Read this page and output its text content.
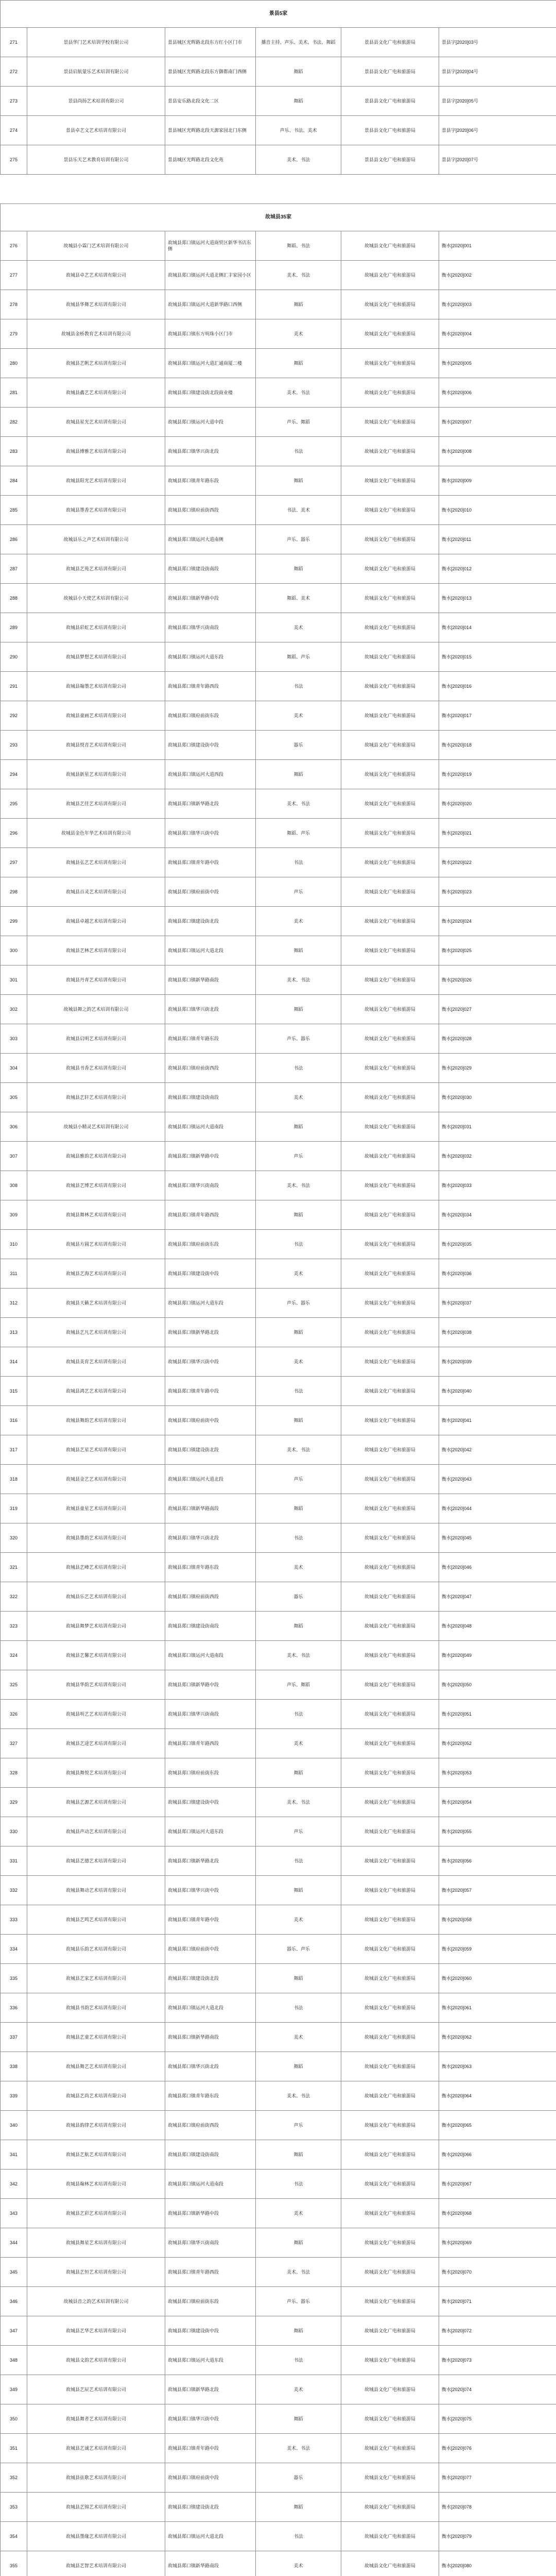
景县5家					
271	景县华门艺术培训学校有限公司	景县城区光辉路北段东方红小区门市	播音主持、声乐、美术、书法、舞蹈	景县县文化广电和旅游局	景县字[2020]03号
272	景县启航蒙乐艺术培训有限公司	景县城区光辉路北段东方御都南门西侧	舞蹈	景县县文化广电和旅游局	景县字[2020]04号
273	景县尚扬艺术培训有限公司	景县安乐路北段文化二区	舞蹈	景县县文化广电和旅游局	景县字[2020]05号
274	景县卓艺文艺术培训有限公司	景县城区光辉路北段天源家园北门东侧	声乐、书法、美术	景县县文化广电和旅游局	景县字[2020]06号
275	景县乐天艺术教育培训有限公司	景县城区光辉路北段文化苑	美术、书法	景县县文化广电和旅游局	景县字[2020]07号

故城县35家					
276	故城县小霖门艺术培训有限公司	故城县郑口镇运河大道商贸区新华书店东侧	舞蹈、书法	故城县文化广电和旅游局	衡水[2020]001
277	故城县卓艺艺术培训有限公司	故城县郑口镇运河大道北侧汇丰家园小区	美术、书法	故城县文化广电和旅游局	衡水[2020]002
278	故城县华舞艺术培训有限公司	故城县郑口镇运河大道新华路口西侧	舞蹈	故城县文化广电和旅游局	衡水[2020]003
279	故城县金桥教育艺术培训有限公司	故城县郑口镇东方明珠小区门市	美术	故城县文化广电和旅游局	衡水[2020]004
280	故城县艺帆艺术培训有限公司	故城县郑口镇运河大道汇通商厦二楼	舞蹈	故城县文化广电和旅游局	衡水[2020]005
281	故城县鑫艺艺术培训有限公司	故城县郑口镇建设街北段商业楼	美术、书法	故城县文化广电和旅游局	衡水[2020]006
282	故城县星光艺术培训有限公司	故城县郑口镇运河大道中段	声乐、舞蹈	故城县文化广电和旅游局	衡水[2020]007
283	故城县博雅艺术培训有限公司	故城县郑口镇华兴街北段	书法	故城县文化广电和旅游局	衡水[2020]008
284	故城县阳光艺术培训有限公司	故城县郑口镇青年路东段	舞蹈	故城县文化广电和旅游局	衡水[2020]009
285	故城县墨香艺术培训有限公司	故城县郑口镇府前街西段	书法、美术	故城县文化广电和旅游局	衡水[2020]010
286	故城县乐之声艺术培训有限公司	故城县郑口镇运河大道南侧	声乐、器乐	故城县文化广电和旅游局	衡水[2020]011
287	故城县艺苑艺术培训有限公司	故城县郑口镇建设街南段	舞蹈	故城县文化广电和旅游局	衡水[2020]012
288	故城县小天使艺术培训有限公司	故城县郑口镇新华路中段	舞蹈、美术	故城县文化广电和旅游局	衡水[2020]013
289	故城县彩虹艺术培训有限公司	故城县郑口镇华兴街南段	美术	故城县文化广电和旅游局	衡水[2020]014
290	故城县梦想艺术培训有限公司	故城县郑口镇运河大道东段	舞蹈、声乐	故城县文化广电和旅游局	衡水[2020]015
291	故城县翰墨艺术培训有限公司	故城县郑口镇青年路西段	书法	故城县文化广电和旅游局	衡水[2020]016
292	故城县童画艺术培训有限公司	故城县郑口镇府前街东段	美术	故城县文化广电和旅游局	衡水[2020]017
293	故城县悦音艺术培训有限公司	故城县郑口镇建设街中段	器乐	故城县文化广电和旅游局	衡水[2020]018
294	故城县新星艺术培训有限公司	故城县郑口镇运河大道西段	舞蹈	故城县文化广电和旅游局	衡水[2020]019
295	故城县艺佳艺术培训有限公司	故城县郑口镇新华路北段	美术、书法	故城县文化广电和旅游局	衡水[2020]020
296	故城县金色年华艺术培训有限公司	故城县郑口镇华兴街中段	舞蹈、声乐	故城县文化广电和旅游局	衡水[2020]021
297	故城县弘艺艺术培训有限公司	故城县郑口镇青年路中段	书法	故城县文化广电和旅游局	衡水[2020]022
298	故城县百灵艺术培训有限公司	故城县郑口镇府前街中段	声乐	故城县文化广电和旅游局	衡水[2020]023
299	故城县卓越艺术培训有限公司	故城县郑口镇建设街北段	美术	故城县文化广电和旅游局	衡水[2020]024
300	故城县艺林艺术培训有限公司	故城县郑口镇运河大道北段	舞蹈	故城县文化广电和旅游局	衡水[2020]025
301	故城县丹青艺术培训有限公司	故城县郑口镇新华路南段	美术、书法	故城县文化广电和旅游局	衡水[2020]026
302	故城县舞之韵艺术培训有限公司	故城县郑口镇华兴街北段	舞蹈	故城县文化广电和旅游局	衡水[2020]027
303	故城县启明艺术培训有限公司	故城县郑口镇青年路东段	声乐、器乐	故城县文化广电和旅游局	衡水[2020]028
304	故城县书香艺术培训有限公司	故城县郑口镇府前街西段	书法	故城县文化广电和旅游局	衡水[2020]029
305	故城县艺轩艺术培训有限公司	故城县郑口镇建设街南段	美术	故城县文化广电和旅游局	衡水[2020]030
306	故城县小精灵艺术培训有限公司	故城县郑口镇运河大道南段	舞蹈	故城县文化广电和旅游局	衡水[2020]031
307	故城县雅韵艺术培训有限公司	故城县郑口镇新华路中段	声乐	故城县文化广电和旅游局	衡水[2020]032
308	故城县艺博艺术培训有限公司	故城县郑口镇华兴街南段	美术、书法	故城县文化广电和旅游局	衡水[2020]033
309	故城县舞林艺术培训有限公司	故城县郑口镇青年路西段	舞蹈	故城县文化广电和旅游局	衡水[2020]034
310	故城县方圆艺术培训有限公司	故城县郑口镇府前街东段	书法	故城县文化广电和旅游局	衡水[2020]035
311	故城县艺海艺术培训有限公司	故城县郑口镇建设街中段	美术	故城县文化广电和旅游局	衡水[2020]036
312	故城县天籁艺术培训有限公司	故城县郑口镇运河大道东段	声乐、器乐	故城县文化广电和旅游局	衡水[2020]037
313	故城县艺凡艺术培训有限公司	故城县郑口镇新华路北段	舞蹈	故城县文化广电和旅游局	衡水[2020]038
314	故城县美育艺术培训有限公司	故城县郑口镇华兴街中段	美术	故城县文化广电和旅游局	衡水[2020]039
315	故城县鸿艺艺术培训有限公司	故城县郑口镇青年路中段	书法	故城县文化广电和旅游局	衡水[2020]040
316	故城县舞韵艺术培训有限公司	故城县郑口镇府前街中段	舞蹈	故城县文化广电和旅游局	衡水[2020]041
317	故城县艺星艺术培训有限公司	故城县郑口镇建设街北段	美术、书法	故城县文化广电和旅游局	衡水[2020]042
318	故城县金艺艺术培训有限公司	故城县郑口镇运河大道北段	声乐	故城县文化广电和旅游局	衡水[2020]043
319	故城县童星艺术培训有限公司	故城县郑口镇新华路南段	舞蹈	故城县文化广电和旅游局	衡水[2020]044
320	故城县墨韵艺术培训有限公司	故城县郑口镇华兴街北段	书法	故城县文化广电和旅游局	衡水[2020]045
321	故城县艺峰艺术培训有限公司	故城县郑口镇青年路东段	美术	故城县文化广电和旅游局	衡水[2020]046
322	故城县乐艺艺术培训有限公司	故城县郑口镇府前街西段	器乐	故城县文化广电和旅游局	衡水[2020]047
323	故城县舞梦艺术培训有限公司	故城县郑口镇建设街南段	舞蹈	故城县文化广电和旅游局	衡水[2020]048
324	故城县艺馨艺术培训有限公司	故城县郑口镇运河大道南段	美术、书法	故城县文化广电和旅游局	衡水[2020]049
325	故城县华韵艺术培训有限公司	故城县郑口镇新华路中段	声乐、舞蹈	故城县文化广电和旅游局	衡水[2020]050
326	故城县明艺艺术培训有限公司	故城县郑口镇华兴街南段	书法	故城县文化广电和旅游局	衡水[2020]051
327	故城县艺途艺术培训有限公司	故城县郑口镇青年路西段	美术	故城县文化广电和旅游局	衡水[2020]052
328	故城县舞悦艺术培训有限公司	故城县郑口镇府前街东段	舞蹈	故城县文化广电和旅游局	衡水[2020]053
329	故城县艺源艺术培训有限公司	故城县郑口镇建设街中段	美术、书法	故城县文化广电和旅游局	衡水[2020]054
330	故城县声动艺术培训有限公司	故城县郑口镇运河大道东段	声乐	故城县文化广电和旅游局	衡水[2020]055
331	故城县艺德艺术培训有限公司	故城县郑口镇新华路北段	书法	故城县文化广电和旅游局	衡水[2020]056
332	故城县舞动艺术培训有限公司	故城县郑口镇华兴街中段	舞蹈	故城县文化广电和旅游局	衡水[2020]057
333	故城县艺鸣艺术培训有限公司	故城县郑口镇青年路中段	美术	故城县文化广电和旅游局	衡水[2020]058
334	故城县乐韵艺术培训有限公司	故城县郑口镇府前街中段	器乐、声乐	故城县文化广电和旅游局	衡水[2020]059
335	故城县艺家艺术培训有限公司	故城县郑口镇建设街北段	舞蹈	故城县文化广电和旅游局	衡水[2020]060
336	故城县书韵艺术培训有限公司	故城县郑口镇运河大道北段	书法	故城县文化广电和旅游局	衡水[2020]061
337	故城县艺童艺术培训有限公司	故城县郑口镇新华路南段	美术	故城县文化广电和旅游局	衡水[2020]062
338	故城县舞艺艺术培训有限公司	故城县郑口镇华兴街北段	舞蹈	故城县文化广电和旅游局	衡水[2020]063
339	故城县艺尚艺术培训有限公司	故城县郑口镇青年路东段	美术、书法	故城县文化广电和旅游局	衡水[2020]064
340	故城县韵律艺术培训有限公司	故城县郑口镇府前街西段	声乐	故城县文化广电和旅游局	衡水[2020]065
341	故城县艺航艺术培训有限公司	故城县郑口镇建设街南段	舞蹈	故城县文化广电和旅游局	衡水[2020]066
342	故城县翰林艺术培训有限公司	故城县郑口镇运河大道南段	书法	故城县文化广电和旅游局	衡水[2020]067
343	故城县艺彩艺术培训有限公司	故城县郑口镇新华路中段	美术	故城县文化广电和旅游局	衡水[2020]068
344	故城县舞星艺术培训有限公司	故城县郑口镇华兴街南段	舞蹈	故城县文化广电和旅游局	衡水[2020]069
345	故城县艺恒艺术培训有限公司	故城县郑口镇青年路西段	美术、书法	故城县文化广电和旅游局	衡水[2020]070
346	故城县音之韵艺术培训有限公司	故城县郑口镇府前街东段	声乐、器乐	故城县文化广电和旅游局	衡水[2020]071
347	故城县艺华艺术培训有限公司	故城县郑口镇建设街中段	舞蹈	故城县文化广电和旅游局	衡水[2020]072
348	故城县文韵艺术培训有限公司	故城县郑口镇运河大道东段	书法	故城县文化广电和旅游局	衡水[2020]073
349	故城县艺辰艺术培训有限公司	故城县郑口镇新华路北段	美术	故城县文化广电和旅游局	衡水[2020]074
350	故城县舞者艺术培训有限公司	故城县郑口镇华兴街中段	舞蹈	故城县文化广电和旅游局	衡水[2020]075
351	故城县艺诚艺术培训有限公司	故城县郑口镇青年路中段	美术、书法	故城县文化广电和旅游局	衡水[2020]076
352	故城县弦歌艺术培训有限公司	故城县郑口镇府前街中段	器乐	故城县文化广电和旅游局	衡水[2020]077
353	故城县艺锦艺术培训有限公司	故城县郑口镇建设街北段	舞蹈	故城县文化广电和旅游局	衡水[2020]078
354	故城县墨缘艺术培训有限公司	故城县郑口镇运河大道北段	书法	故城县文化广电和旅游局	衡水[2020]079
355	故城县艺智艺术培训有限公司	故城县郑口镇新华路南段	美术	故城县文化广电和旅游局	衡水[2020]080
